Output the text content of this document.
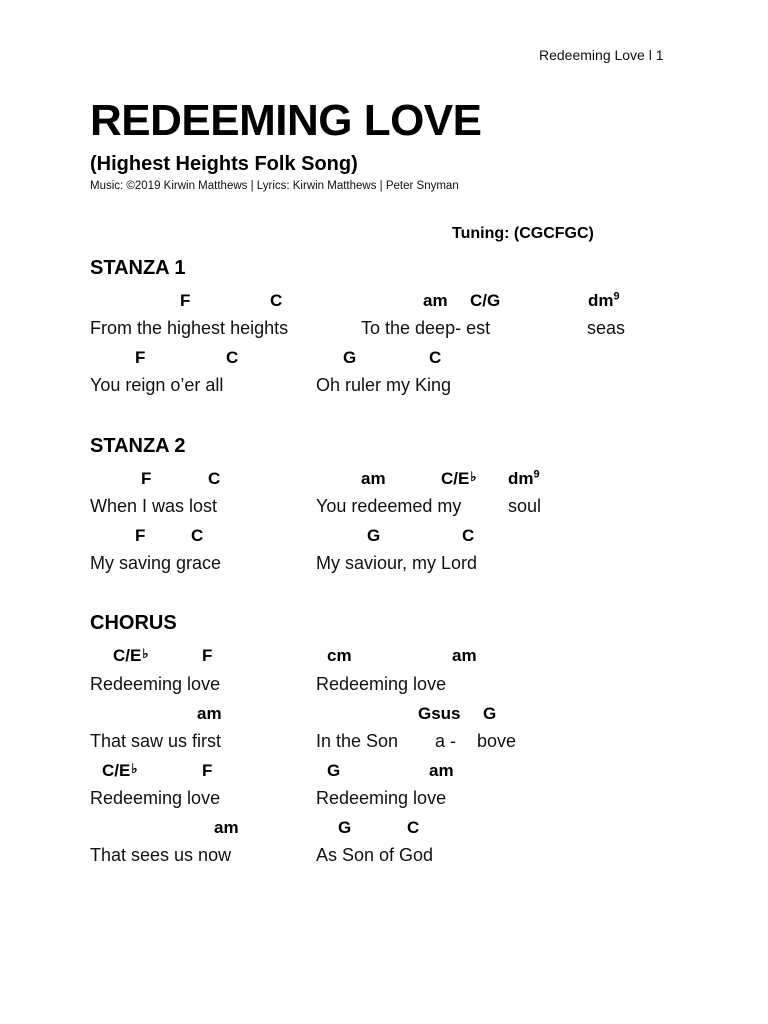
Redeeming Love l 1
REDEEMING LOVE
(Highest Heights Folk Song)
Music: ©2019 Kirwin Matthews | Lyrics: Kirwin Matthews | Peter Snyman
Tuning: (CGCFGC)
STANZA 1
F	C	am C/G	$dm^9$
From the highest heights	To the deep- est	seas
F	C	G	C
You reign o’er all	Oh ruler my King
STANZA 2
F	C	am	C/E♭ $dm^9$
When I was lost	You redeemed my	soul
F	C	G	C
My saving grace	My saviour, my Lord
CHORUS
C/E♭	F	cm	am
Redeeming love	Redeeming love
am	Gsus G
That saw us first	In the Son a - bove
C/E♭	F	G	am
Redeeming love	Redeeming love
am	G	C
That sees us now	As Son of God
